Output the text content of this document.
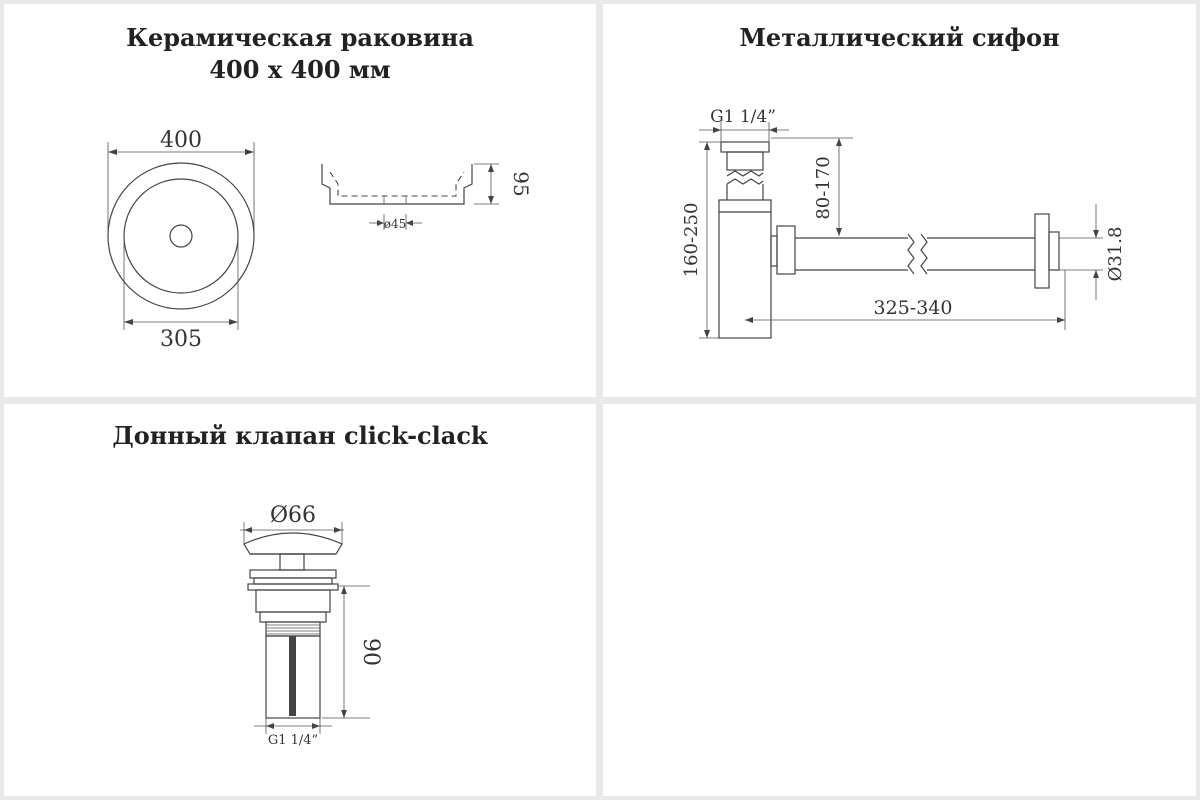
Керамическая раковина
400 х 400 мм
400
305
95
ø45
Металлический сифон
G1 1/4”
80-170
160-250
325-340
Ø31.8
Донный клапан click-clack
Ø66
90
G1 1/4”
